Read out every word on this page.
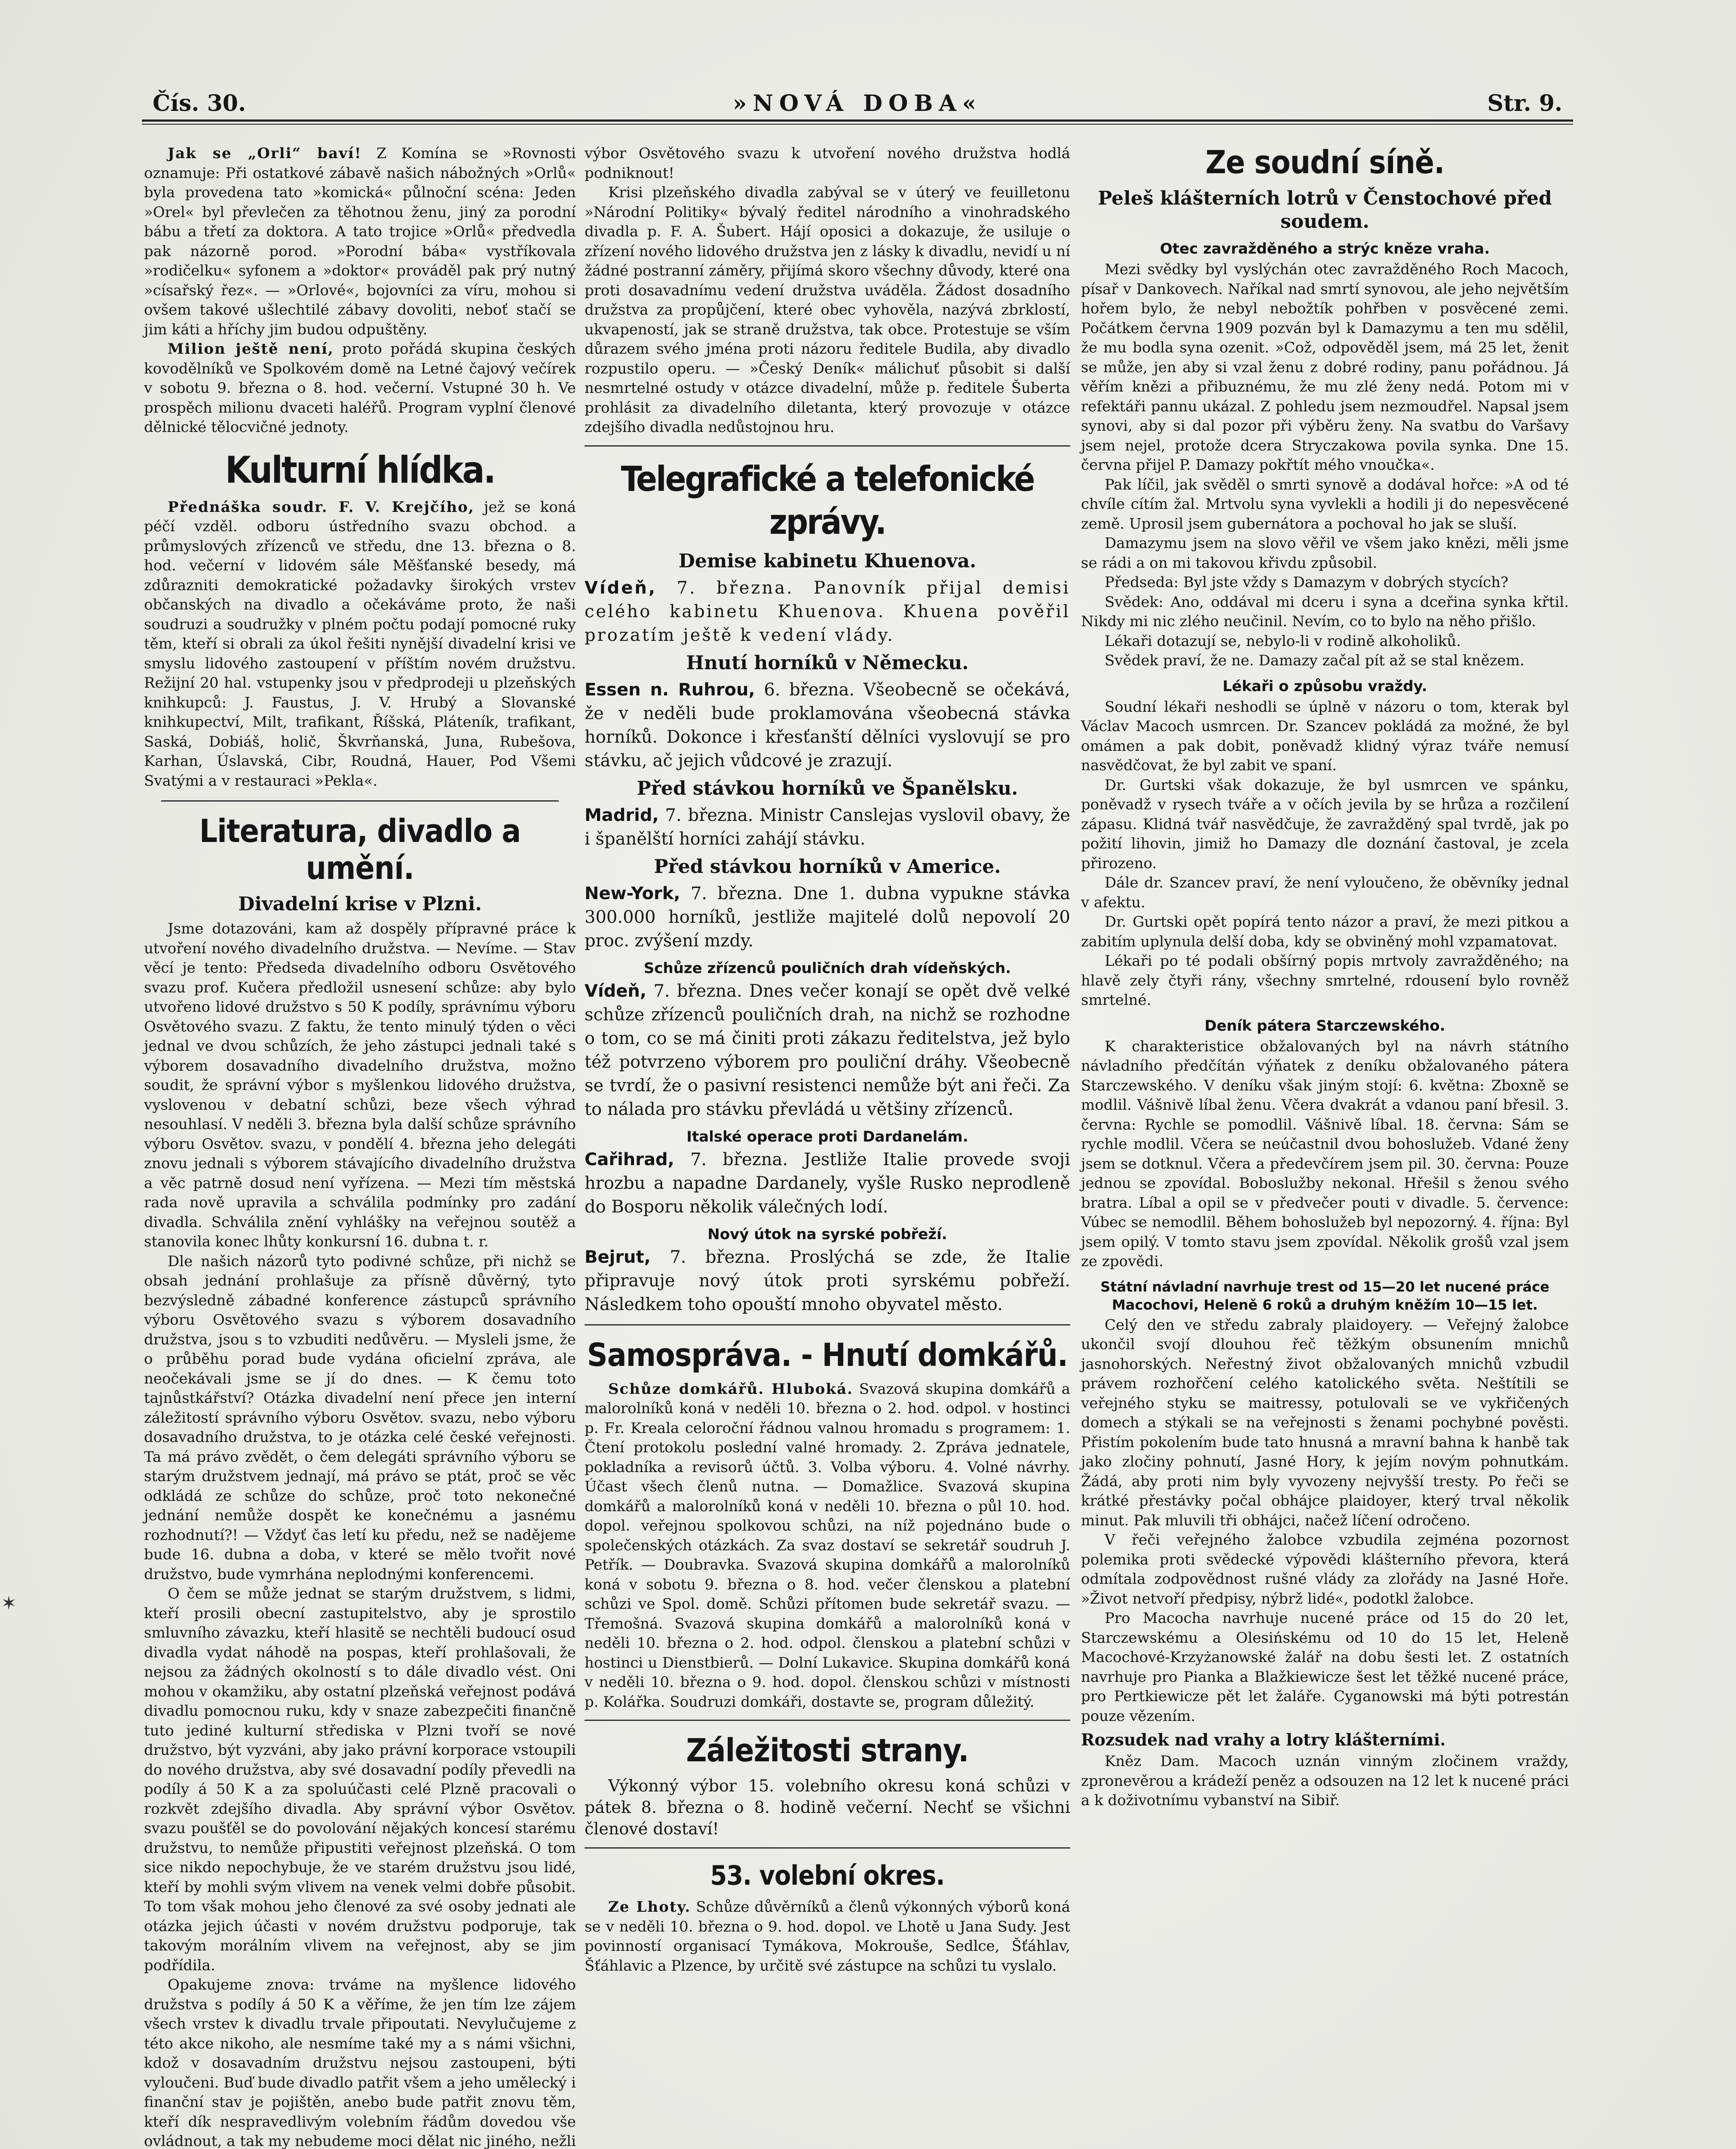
Čís. 30.	»NOVÁ DOBA«	Str. 9.

Jak se „Orli“ baví! Z Komína se »Rovnosti oznamuje: Při ostatkové zábavě našich nábožných »Orlů« byla provedena tato »komická« půlnoční scéna: Jeden »Orel« byl převlečen za těhotnou ženu, jiný za porodní bábu a třetí za doktora. A tato trojice »Orlů« předvedla pak názorně porod. »Porodní bába« vystříkovala »rodičelku« syfonem a »doktor« prováděl pak prý nutný »císařský řez«. — »Orlové«, bojovníci za víru, mohou si ovšem takové ušlechtilé zábavy dovoliti, neboť stačí se jim káti a hříchy jim budou odpuštěny.

Milion ještě není, proto pořádá skupina českých kovodělníků ve Spolkovém domě na Letné čajový večírek v sobotu 9. března o 8. hod. večerní. Vstupné 30 h. Ve prospěch milionu dvaceti haléřů. Program vyplní členové dělnické tělocvičné jednoty.

Kulturní hlídka.

Přednáška soudr. F. V. Krejčího, jež se koná péčí vzděl. odboru ústředního svazu obchod. a průmyslových zřízenců ve středu, dne 13. března o 8. hod. večerní v lidovém sále Měšťanské besedy, má zdůrazniti demokratické požadavky širokých vrstev občanských na divadlo a očekáváme proto, že naši soudruzi a soudružky v plném počtu podají pomocné ruky těm, kteří si obrali za úkol řešiti nynější divadelní krisi ve smyslu lidového zastoupení v příštím novém družstvu. Režijní 20 hal. vstupenky jsou v předprodeji u plzeňských knihkupců: J. Faustus, J. V. Hrubý a Slovanské knihkupectví, Milt, trafikant, Říšská, Pláteník, trafikant, Saská, Dobiáš, holič, Škvrňanská, Juna, Rubešova, Karhan, Úslavská, Cibr, Roudná, Hauer, Pod Všemi Svatými a v restauraci »Pekla«.

Literatura, divadlo a umění.
Divadelní krise v Plzni.

Jsme dotazováni, kam až dospěly přípravné práce k utvoření nového divadelního družstva. — Nevíme. — Stav věcí je tento: Předseda divadelního odboru Osvětového svazu prof. Kučera předložil usnesení schůze: aby bylo utvořeno lidové družstvo s 50 K podíly, správnímu výboru Osvětového svazu. Z faktu, že tento minulý týden o věci jednal ve dvou schůzích, že jeho zástupci jednali také s výborem dosavadního divadelního družstva, možno soudit, že správní výbor s myšlenkou lidového družstva, vyslovenou v debatní schůzi, beze všech výhrad nesouhlasí. V neděli 3. března byla další schůze správního výboru Osvětov. svazu, v pondělí 4. března jeho delegáti znovu jednali s výborem stávajícího divadelního družstva a věc patrně dosud není vyřízena. — Mezi tím městská rada nově upravila a schválila podmínky pro zadání divadla. Schválila znění vyhlášky na veřejnou soutěž a stanovila konec lhůty konkursní 16. dubna t. r.

Dle našich názorů tyto podivné schůze, při nichž se obsah jednání prohlašuje za přísně důvěrný, tyto bezvýsledně zábadné konference zástupců správního výboru Osvětového svazu s výborem dosavadního družstva, jsou s to vzbuditi nedůvěru. — Mysleli jsme, že o průběhu porad bude vydána oficielní zpráva, ale neočekávali jsme se jí do dnes. — K čemu toto tajnůstkářství? Otázka divadelní není přece jen interní záležitostí správního výboru Osvětov. svazu, nebo výboru dosavadního družstva, to je otázka celé české veřejnosti. Ta má právo zvědět, o čem delegáti správního výboru se starým družstvem jednají, má právo se ptát, proč se věc odkládá ze schůze do schůze, proč toto nekonečné jednání nemůže dospět ke konečnému a jasnému rozhodnutí?! — Vždyť čas letí ku předu, než se nadějeme bude 16. dubna a doba, v které se mělo tvořit nové družstvo, bude vymrhána neplodnými konferencemi.

O čem se může jednat se starým družstvem, s lidmi, kteří prosili obecní zastupitelstvo, aby je sprostilo smluvního závazku, kteří hlasitě se nechtěli budoucí osud divadla vydat náhodě na pospas, kteří prohlašovali, že nejsou za žádných okolností s to dále divadlo vést. Oni mohou v okamžiku, aby ostatní plzeňská veřejnost podává divadlu pomocnou ruku, kdy v snaze zabezpečiti finančně tuto jediné kulturní střediska v Plzni tvoří se nové družstvo, být vyzváni, aby jako právní korporace vstoupili do nového družstva, aby své dosavadní podíly převedli na podíly á 50 K a za spoluúčasti celé Plzně pracovali o rozkvět zdejšího divadla. Aby správní výbor Osvětov. svazu poušťěl se do povolování nějakých koncesí starému družstvu, to nemůže připustiti veřejnost plzeňská. O tom sice nikdo nepochybuje, že ve starém družstvu jsou lidé, kteří by mohli svým vlivem na venek velmi dobře působit. To tom však mohou jeho členové za své osoby jednati ale otázka jejich účasti v novém družstvu podporuje, tak takovým morálním vlivem na veřejnost, aby se jim podřídila.

Opakujeme znova: trváme na myšlence lidového družstva s podíly á 50 K a věříme, že jen tím lze zájem všech vrstev k divadlu trvale připoutati. Nevylučujeme z této akce nikoho, ale nesmíme také my a s námi všichni, kdož v dosavadním družstvu nejsou zastoupeni, býti vyloučeni. Buď bude divadlo patřit všem a jeho umělecký i finanční stav je pojištěn, anebo bude patřit znovu těm, kteří dík nespravedlivým volebním řádům dovedou vše ovládnout, a tak my nebudeme moci dělat nic jiného, nežli

výbor Osvětového svazu k utvoření nového družstva hodlá podniknout!

Krisi plzeňského divadla zabýval se v úterý ve feuilletonu »Národní Politiky« bývalý ředitel národního a vinohradského divadla p. F. A. Šubert. Hájí oposici a dokazuje, že usiluje o zřízení nového lidového družstva jen z lásky k divadlu, nevidí u ní žádné postranní záměry, přijímá skoro všechny důvody, které ona proti dosavadnímu vedení družstva uváděla. Žádost dosadního družstva za propůjčení, které obec vyhověla, nazývá zbrklostí, ukvapeností, jak se straně družstva, tak obce. Protestuje se vším důrazem svého jména proti názoru ředitele Budila, aby divadlo rozpustilo operu. — »Český Deník« málichuť působit si další nesmrtelné ostudy v otázce divadelní, může p. ředitele Šuberta prohlásit za divadelního diletanta, který provozuje v otázce zdejšího divadla nedůstojnou hru.

Telegrafické a telefonické zprávy.
Demise kabinetu Khuenova.

Vídeň, 7. března. Panovník přijal demisi celého kabinetu Khuenova. Khuena pověřil prozatím ještě k vedení vlády.

Hnutí horníků v Německu.

Essen n. Ruhrou, 6. března. Všeobecně se očekává, že v neděli bude proklamována všeobecná stávka horníků. Dokonce i křesťanští dělníci vyslovují se pro stávku, ač jejich vůdcové je zrazují.

Před stávkou horníků ve Španělsku.

Madrid, 7. března. Ministr Canslejas vyslovil obavy, že i španělští horníci zahájí stávku.

Před stávkou horníků v Americe.

New-York, 7. března. Dne 1. dubna vypukne stávka 300.000 horníků, jestliže majitelé dolů nepovolí 20 proc. zvýšení mzdy.

Schůze zřízenců pouličních drah vídeňských.

Vídeň, 7. března. Dnes večer konají se opět dvě velké schůze zřízenců pouličních drah, na nichž se rozhodne o tom, co se má činiti proti zákazu ředitelstva, jež bylo též potvrzeno výborem pro pouliční dráhy. Všeobecně se tvrdí, že o pasivní resistenci nemůže být ani řeči. Za to nálada pro stávku převládá u většiny zřízenců.

Italské operace proti Dardanelám.

Cařihrad, 7. března. Jestliže Italie provede svoji hrozbu a napadne Dardanely, vyšle Rusko neprodleně do Bosporu několik válečných lodí.

Nový útok na syrské pobřeží.

Bejrut, 7. března. Proslýchá se zde, že Italie připravuje nový útok proti syrskému pobřeží. Následkem toho opouští mnoho obyvatel město.

Samospráva. - Hnutí domkářů.

Schůze domkářů. Hluboká. Svazová skupina domkářů a malorolníků koná v neděli 10. března o 2. hod. odpol. v hostinci p. Fr. Kreala celoroční řádnou valnou hromadu s programem: 1. Čtení protokolu poslední valné hromady. 2. Zpráva jednatele, pokladníka a revisorů účtů. 3. Volba výboru. 4. Volné návrhy. Účast všech členů nutna. — Domažlice. Svazová skupina domkářů a malorolníků koná v neděli 10. března o půl 10. hod. dopol. veřejnou spolkovou schůzi, na níž pojednáno bude o společenských otázkách. Za svaz dostaví se sekretář soudruh J. Petřík. — Doubravka. Svazová skupina domkářů a malorolníků koná v sobotu 9. března o 8. hod. večer členskou a platební schůzi ve Spol. domě. Schůzi přítomen bude sekretář svazu. — Třemošná. Svazová skupina domkářů a malorolníků koná v neděli 10. března o 2. hod. odpol. členskou a platební schůzi v hostinci u Dienstbierů. — Dolní Lukavice. Skupina domkářů koná v neděli 10. března o 9. hod. dopol. členskou schůzi v místnosti p. Kolářka. Soudruzi domkáři, dostavte se, program důležitý.

Záležitosti strany.

Výkonný výbor 15. volebního okresu koná schůzi v pátek 8. března o 8. hodině večerní. Nechť se všichni členové dostaví!

53. volební okres.

Ze Lhoty. Schůze důvěrníků a členů výkonných výborů koná se v neděli 10. března o 9. hod. dopol. ve Lhotě u Jana Sudy. Jest povinností organisací Tymákova, Mokrouše, Sedlce, Šťáhlav, Šťáhlavic a Plzence, by určitě své zástupce na schůzi tu vyslalo.

Ze soudní síně.
Peleš klášterních lotrů v Čenstochové před soudem.
Otec zavražděného a strýc kněze vraha.

Mezi svědky byl vyslýchán otec zavražděného Roch Macoch, písař v Dankovech. Naříkal nad smrtí synovou, ale jeho největším hořem bylo, že nebyl nebožtík pohřben v posvěcené zemi. Počátkem června 1909 pozván byl k Damazymu a ten mu sdělil, že mu bodla syna ozenit. »Což, odpověděl jsem, má 25 let, ženit se může, jen aby si vzal ženu z dobré rodiny, panu pořádnou. Já věřím knězi a přibuznému, že mu zlé ženy nedá. Potom mi v refektáři pannu ukázal. Z pohledu jsem nezmoudřel. Napsal jsem synovi, aby si dal pozor při výběru ženy. Na svatbu do Varšavy jsem nejel, protože dcera Stryczakowa povila synka. Dne 15. června přijel P. Damazy pokřtít mého vnoučka«.

Pak líčil, jak svěděl o smrti synově a dodával hořce: »A od té chvíle cítím žal. Mrtvolu syna vyvlekli a hodili ji do nepesvěcené země. Uprosil jsem gubernátora a pochoval ho jak se sluší.

Damazymu jsem na slovo věřil ve všem jako knězi, měli jsme se rádi a on mi takovou křivdu způsobil.

Předseda: Byl jste vždy s Damazym v dobrých stycích?

Svědek: Ano, oddával mi dceru i syna a dceřina synka křtil. Nikdy mi nic zlého neučinil. Nevím, co to bylo na něho přišlo.

Lékaři dotazují se, nebylo-li v rodině alkoholiků.

Svědek praví, že ne. Damazy začal pít až se stal knězem.

Lékaři o způsobu vraždy.

Soudní lékaři neshodli se úplně v názoru o tom, kterak byl Václav Macoch usmrcen. Dr. Szancev pokládá za možné, že byl omámen a pak dobit, poněvadž klidný výraz tváře nemusí nasvědčovat, že byl zabit ve spaní.

Dr. Gurtski však dokazuje, že byl usmrcen ve spánku, poněvadž v rysech tváře a v očích jevila by se hrůza a rozčilení zápasu. Klidná tvář nasvědčuje, že zavražděný spal tvrdě, jak po požití lihovin, jimiž ho Damazy dle doznání častoval, je zcela přirozeno.

Dále dr. Szancev praví, že není vyloučeno, že oběvníky jednal v afektu.

Dr. Gurtski opět popírá tento názor a praví, že mezi pitkou a zabitím uplynula delší doba, kdy se obviněný mohl vzpamatovat.

Lékaři po té podali obšírný popis mrtvoly zavražděného; na hlavě zely čtyři rány, všechny smrtelné, rdousení bylo rovněž smrtelné.

Deník pátera Starczewského.

K charakteristice obžalovaných byl na návrh státního návladního předčítán výňatek z deníku obžalovaného pátera Starczewského. V deníku však jiným stojí: 6. května: Zboxně se modlil. Vášnivě líbal ženu. Včera dvakrát a vdanou paní břesil. 3. června: Rychle se pomodlil. Vášnivě líbal. 18. června: Sám se rychle modlil. Včera se neúčastnil dvou bohoslužeb. Vdané ženy jsem se dotknul. Včera a předevčírem jsem pil. 30. června: Pouze jednou se zpovídal. Boboslužby nekonal. Hřešil s ženou svého bratra. Líbal a opil se v předvečer pouti v divadle. 5. července: Vúbec se nemodlil. Během bohoslužeb byl nepozorný. 4. října: Byl jsem opilý. V tomto stavu jsem zpovídal. Několik grošů vzal jsem ze zpovědi.

Státní návladní navrhuje trest od 15—20 let nucené práce Macochovi, Heleně 6 roků a druhým kněžím 10—15 let.

Celý den ve středu zabraly plaidoyery. — Veřejný žalobce ukončil svojí dlouhou řeč těžkým obsunením mnichů jasnohorských. Neřestný život obžalovaných mnichů vzbudil právem rozhořčení celého katolického světa. Neštítili se veřejného styku se maitressy, potulovali se ve vykřičených domech a stýkali se na veřejnosti s ženami pochybné pověsti. Přistím pokolením bude tato hnusná a mravní bahna k hanbě tak jako zločiny pohnutí, Jasné Hory, k jejím novým pohnutkám. Žádá, aby proti nim byly vyvozeny nejvyšší tresty. Po řeči se krátké přestávky počal obhájce plaidoyer, který trval několik minut. Pak mluvili tři obhájci, načež líčení odročeno.

V řeči veřejného žalobce vzbudila zejména pozornost polemika proti svědecké výpovědi klášterního převora, která odmítala zodpovědnost rušné vlády za zlořády na Jasné Hoře. »Život netvoří předpisy, nýbrž lidé«, podotkl žalobce.

Pro Macocha navrhuje nucené práce od 15 do 20 let, Starczewskému a Olesińskému od 10 do 15 let, Heleně Macochové-Krzyżanowské žalář na dobu šesti let. Z ostatních navrhuje pro Pianka a Blažkiewicze šest let těžké nucené práce, pro Pertkiewicze pět let žaláře. Cyganowski má býti potrestán pouze vězením.

Rozsudek nad vrahy a lotry klášterními.

Kněz Dam. Macoch uznán vinným zločinem vraždy, zpronevěrou a krádeží peněz a odsouzen na 12 let k nucené práci a k doživotnímu vybanství na Sibiř.

✶
